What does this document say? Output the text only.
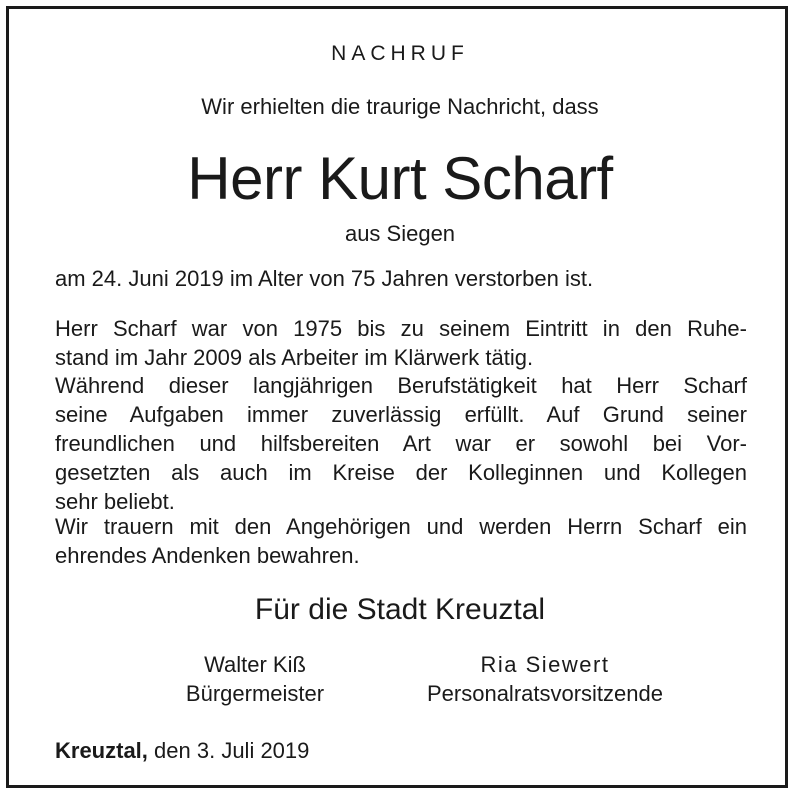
NACHRUF
Wir erhielten die traurige Nachricht, dass
Herr Kurt Scharf
aus Siegen
am 24. Juni 2019 im Alter von 75 Jahren verstorben ist.
Herr Scharf war von 1975 bis zu seinem Eintritt in den Ruhe-
stand im Jahr 2009 als Arbeiter im Klärwerk tätig.
Während dieser langjährigen Berufstätigkeit hat Herr Scharf
seine Aufgaben immer zuverlässig erfüllt. Auf Grund seiner
freundlichen und hilfsbereiten Art war er sowohl bei Vor-
gesetzten als auch im Kreise der Kolleginnen und Kollegen
sehr beliebt.
Wir trauern mit den Angehörigen und werden Herrn Scharf ein
ehrendes Andenken bewahren.
Für die Stadt Kreuztal
Walter Kiß
Bürgermeister
Ria Siewert
Personalratsvorsitzende
Kreuztal, den 3. Juli 2019
